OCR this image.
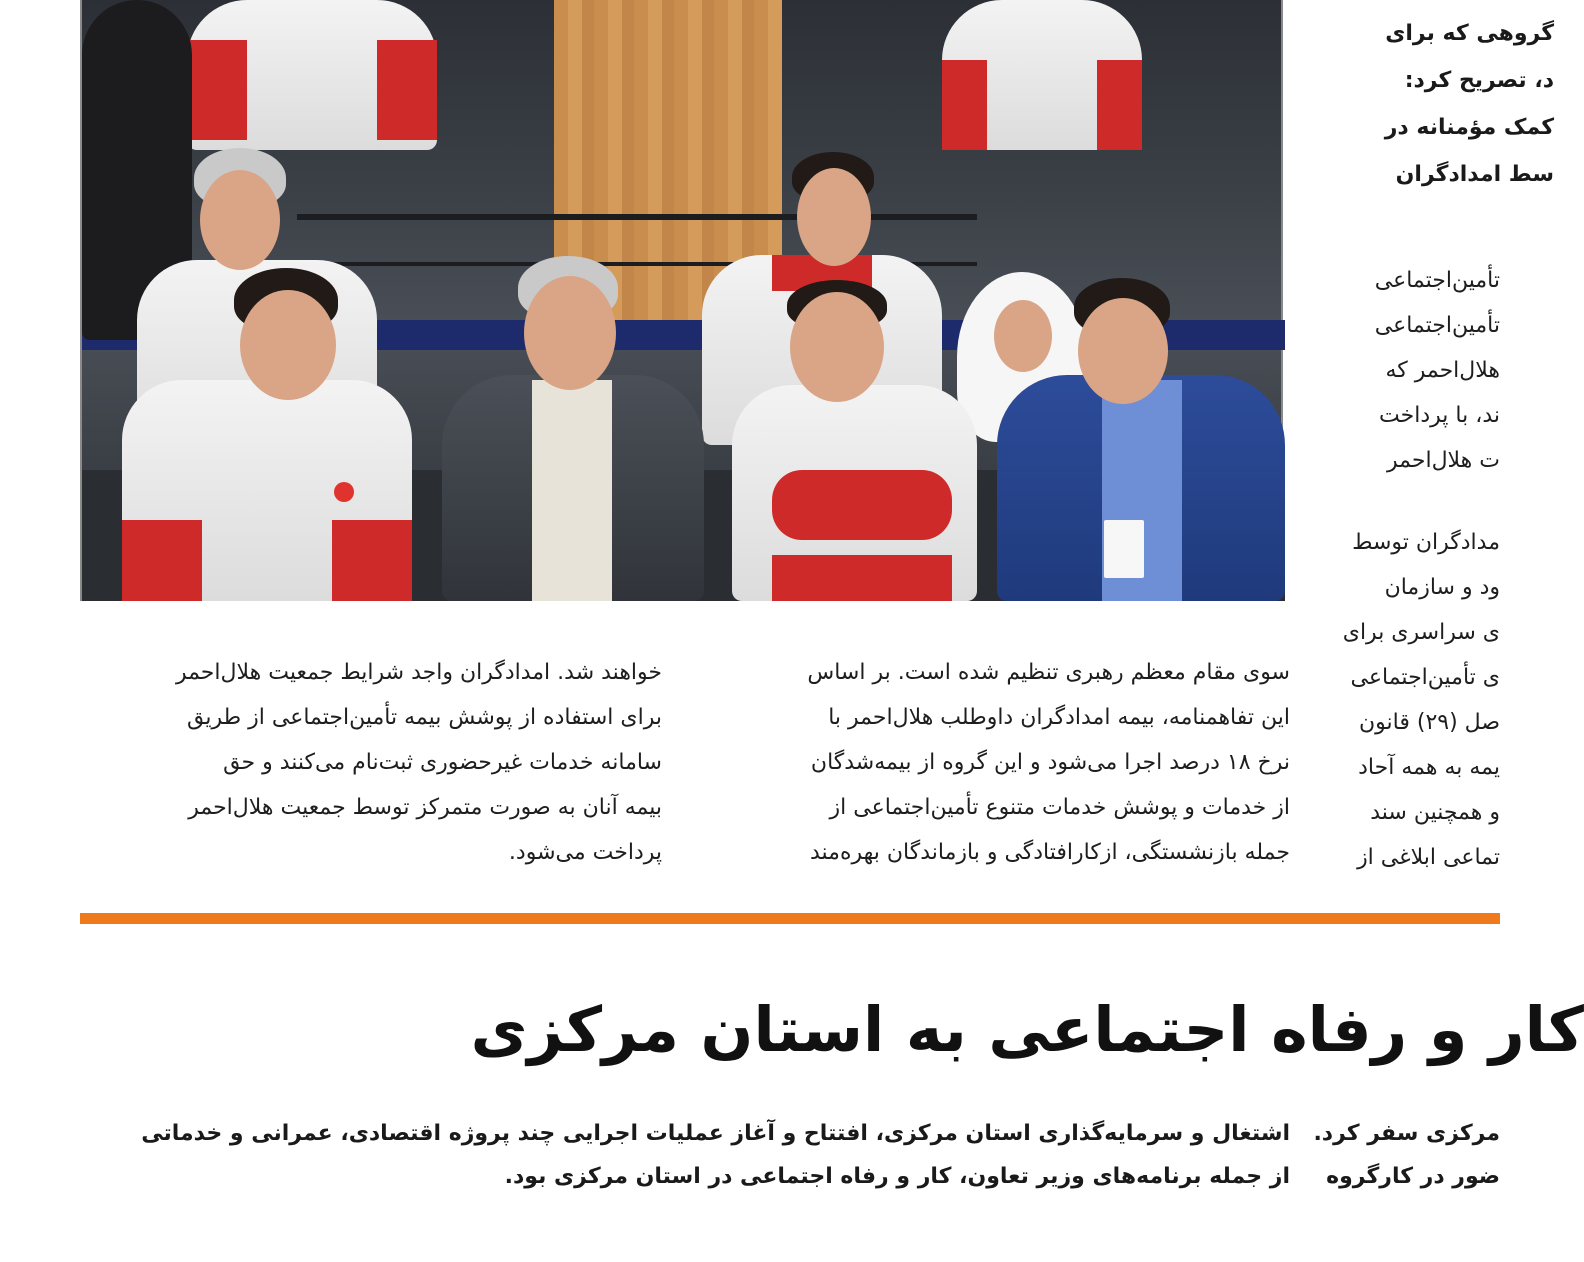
گروهی که برای
د، تصریح کرد:
کمک مؤمنانه در
سط امدادگران
تأمین‌اجتماعی
تأمین‌اجتماعی
هلال‌احمر که
ند، با پرداخت
ت هلال‌احمر
مدادگران توسط
ود و سازمان
ی سراسری برای
ی تأمین‌اجتماعی
صل (۲۹) قانون
یمه به همه آحاد
و همچنین سند
تماعی ابلاغی از
سوی مقام معظم رهبری تنظیم شده است. بر اساس
این تفاهمنامه، بیمه امدادگران داوطلب هلال‌احمر با
نرخ ۱۸ درصد اجرا می‌شود و این گروه از بیمه‌شدگان
از خدمات و پوشش خدمات متنوع تأمین‌اجتماعی از
جمله بازنشستگی، ازکارافتادگی و بازماندگان بهره‌مند
خواهند شد. امدادگران واجد شرایط جمعیت هلال‌احمر
برای استفاده از پوشش بیمه تأمین‌اجتماعی از طریق
سامانه خدمات غیرحضوری ثبت‌نام می‌کنند و حق
بیمه آنان به صورت متمرکز توسط جمعیت هلال‌احمر
پرداخت می‌شود.
کار و رفاه اجتماعی به استان مرکزی
اشتغال و سرمایه‌گذاری استان مرکزی، افتتاح و آغاز عملیات اجرایی چند پروژه اقتصادی، عمرانی و خدماتی
از جمله برنامه‌های وزیر تعاون، کار و رفاه اجتماعی در استان مرکزی بود.
مرکزی سفر کرد.
ضور در کارگروه
